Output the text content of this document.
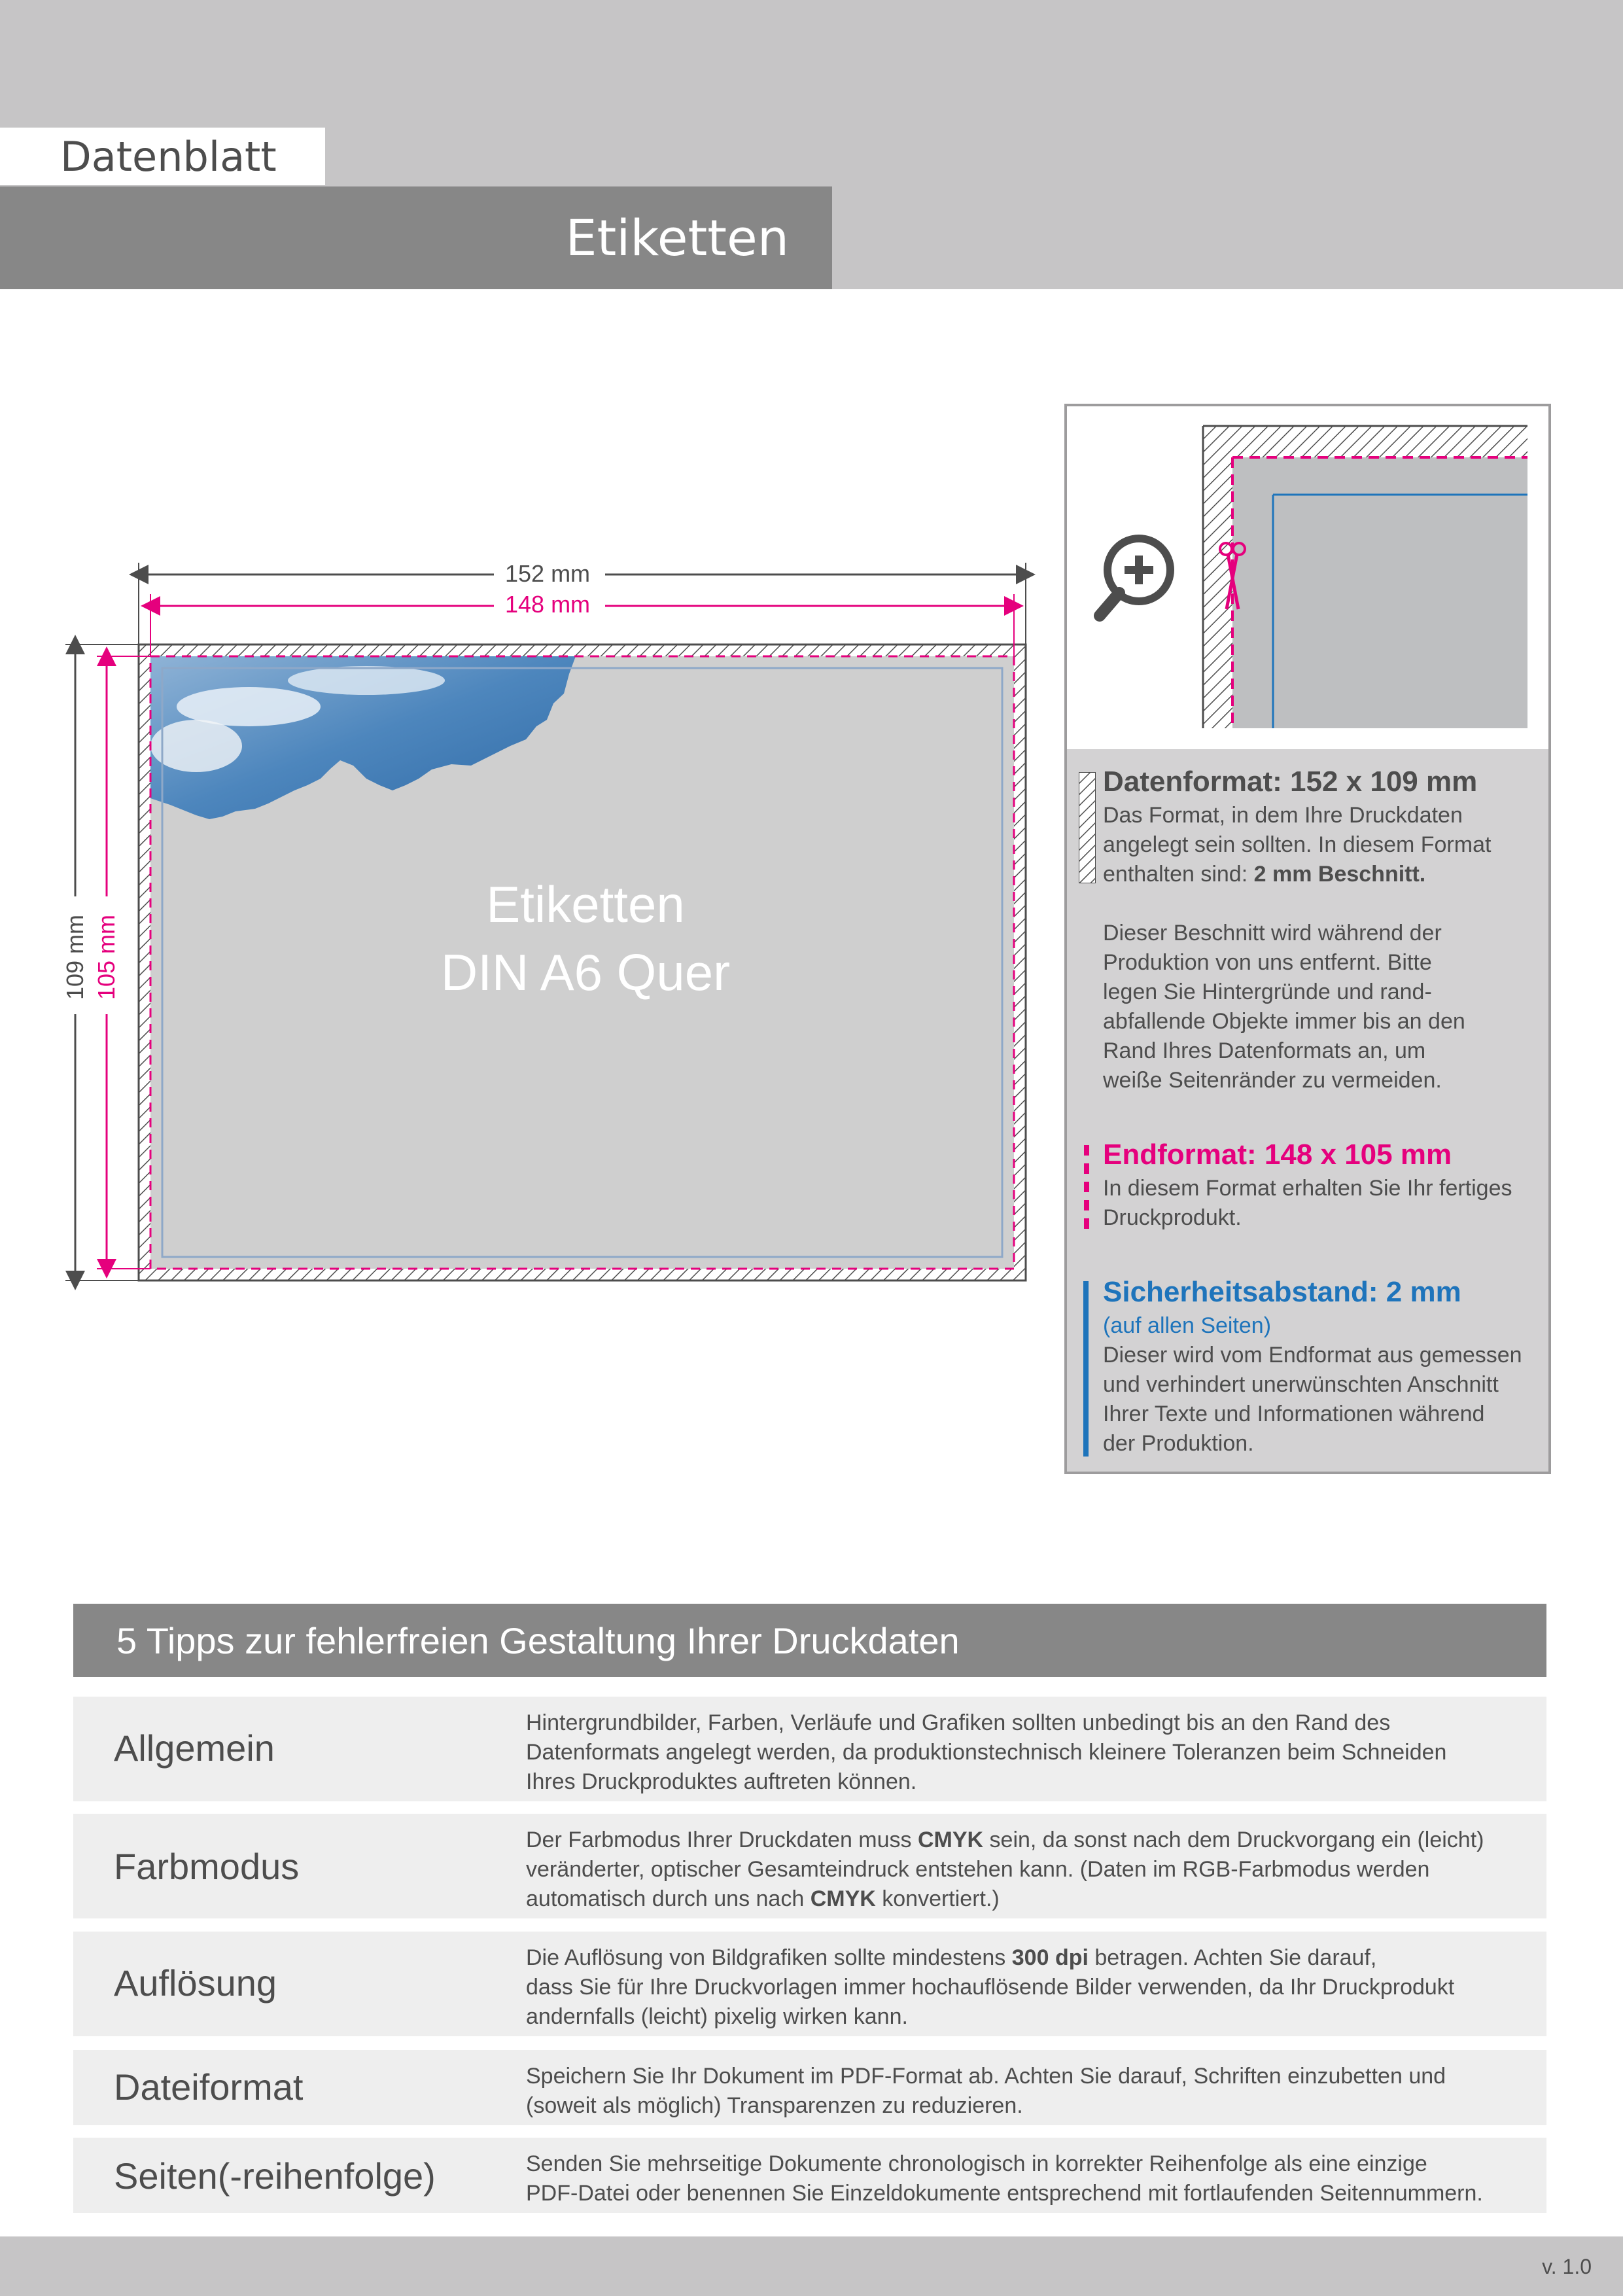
Datenblatt
Etiketten
152 mm
148 mm
109 mm 105 mm
Etiketten
DIN A6 Quer
Datenformat: 152 x 109 mm
Das Format, in dem Ihre Druckdaten
angelegt sein sollten. In diesem Format
enthalten sind: 2 mm Beschnitt.
Dieser Beschnitt wird während der
Produktion von uns entfernt. Bitte
legen Sie Hintergründe und rand-
abfallende Objekte immer bis an den
Rand Ihres Datenformats an, um
weiße Seitenränder zu vermeiden.
Endformat: 148 x 105 mm
In diesem Format erhalten Sie Ihr fertiges
Druckprodukt.
Sicherheitsabstand: 2 mm
(auf allen Seiten)
Dieser wird vom Endformat aus gemessen
und verhindert unerwünschten Anschnitt
Ihrer Texte und Informationen während
der Produktion.
5 Tipps zur fehlerfreien Gestaltung Ihrer Druckdaten
Allgemein
Hintergrundbilder, Farben, Verläufe und Grafiken sollten unbedingt bis an den Rand des
Datenformats angelegt werden, da produktionstechnisch kleinere Toleranzen beim Schneiden
Ihres Druckproduktes auftreten können.
Farbmodus
Der Farbmodus Ihrer Druckdaten muss CMYK sein, da sonst nach dem Druckvorgang ein (leicht)
veränderter, optischer Gesamteindruck entstehen kann. (Daten im RGB-Farbmodus werden
automatisch durch uns nach CMYK konvertiert.)
Auflösung
Die Auflösung von Bildgrafiken sollte mindestens 300 dpi betragen. Achten Sie darauf,
dass Sie für Ihre Druckvorlagen immer hochauflösende Bilder verwenden, da Ihr Druckprodukt
andernfalls (leicht) pixelig wirken kann.
Dateiformat	Speichern Sie Ihr Dokument im PDF-Format ab. Achten Sie darauf, Schriften einzubetten und
(soweit als möglich) Transparenzen zu reduzieren.
Seiten(-reihenfolge)	Senden Sie mehrseitige Dokumente chronologisch in korrekter Reihenfolge als eine einzige
PDF-Datei oder benennen Sie Einzeldokumente entsprechend mit fortlaufenden Seitennummern.
v. 1.0
